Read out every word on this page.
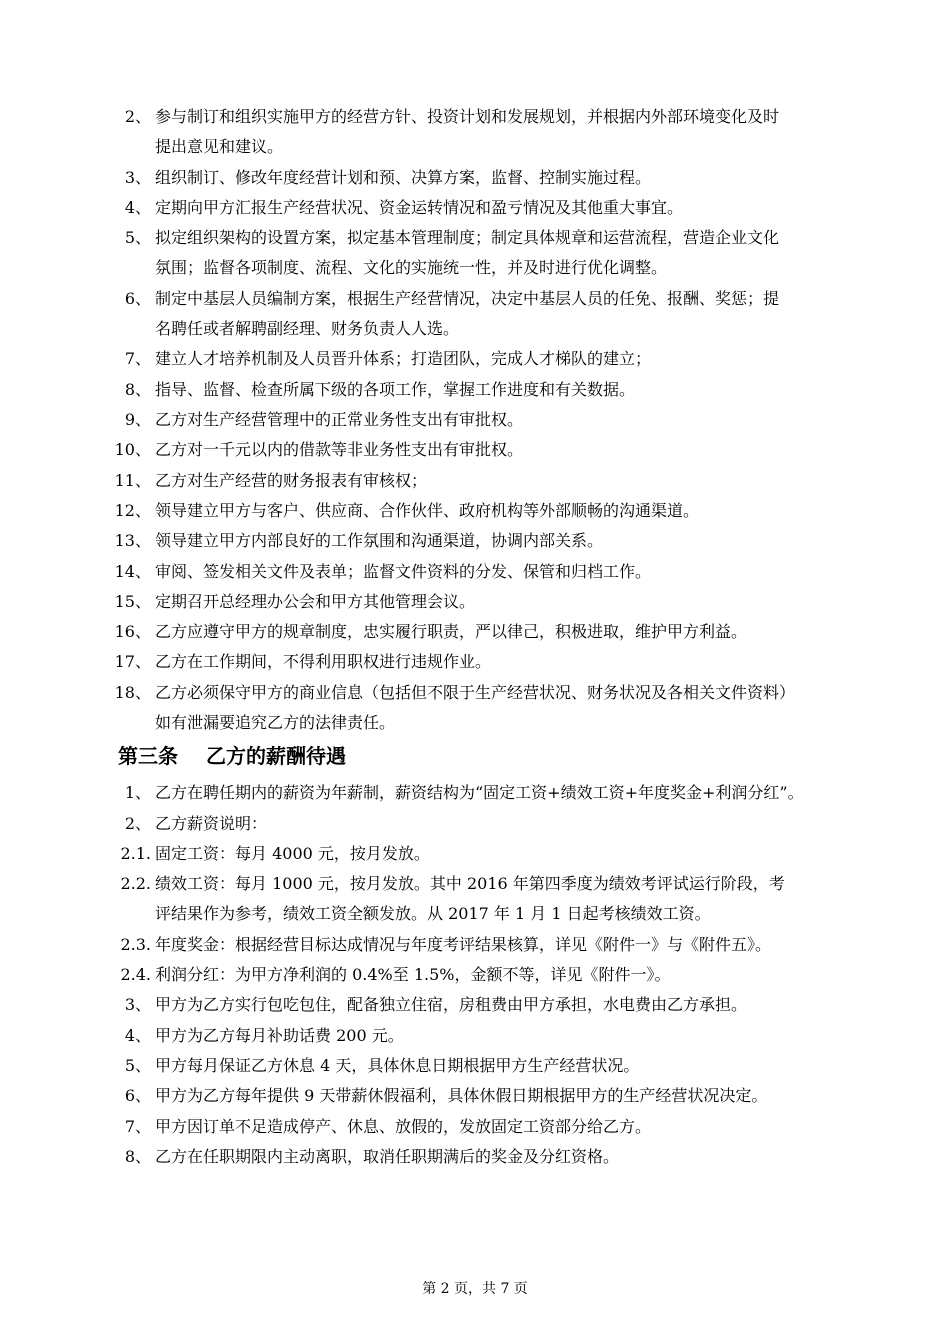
2、 参与制订和组织实施甲方的经营方针、投资计划和发展规划，并根据内外部环境变化及时
提出意见和建议。
3、 组织制订、修改年度经营计划和预、决算方案，监督、控制实施过程。
4、 定期向甲方汇报生产经营状况、资金运转情况和盈亏情况及其他重大事宜。
5、 拟定组织架构的设置方案，拟定基本管理制度；制定具体规章和运营流程，营造企业文化
氛围；监督各项制度、流程、文化的实施统一性，并及时进行优化调整。
6、 制定中基层人员编制方案，根据生产经营情况，决定中基层人员的任免、报酬、奖惩；提
名聘任或者解聘副经理、财务负责人人选。
7、 建立人才培养机制及人员晋升体系；打造团队，完成人才梯队的建立；
8、 指导、监督、检查所属下级的各项工作，掌握工作进度和有关数据。
9、 乙方对生产经营管理中的正常业务性支出有审批权。
10、 乙方对一千元以内的借款等非业务性支出有审批权。
11、 乙方对生产经营的财务报表有审核权；
12、 领导建立甲方与客户、供应商、合作伙伴、政府机构等外部顺畅的沟通渠道。
13、 领导建立甲方内部良好的工作氛围和沟通渠道，协调内部关系。
14、 审阅、签发相关文件及表单；监督文件资料的分发、保管和归档工作。
15、 定期召开总经理办公会和甲方其他管理会议。
16、 乙方应遵守甲方的规章制度，忠实履行职责，严以律己，积极进取，维护甲方利益。
17、 乙方在工作期间，不得利用职权进行违规作业。
18、 乙方必须保守甲方的商业信息（包括但不限于生产经营状况、财务状况及各相关文件资料）
如有泄漏要追究乙方的法律责任。
第三条 乙方的薪酬待遇
1、 乙方在聘任期内的薪资为年薪制，薪资结构为“固定工资+绩效工资+年度奖金+利润分红”。
2、 乙方薪资说明：
2.1. 固定工资：每月 4000 元，按月发放。
2.2. 绩效工资：每月 1000 元，按月发放。其中 2016 年第四季度为绩效考评试运行阶段，考
评结果作为参考，绩效工资全额发放。从 2017 年 1 月 1 日起考核绩效工资。
2.3. 年度奖金：根据经营目标达成情况与年度考评结果核算，详见《附件一》与《附件五》。
2.4. 利润分红：为甲方净利润的 0.4%至 1.5%，金额不等，详见《附件一》。
3、 甲方为乙方实行包吃包住，配备独立住宿，房租费由甲方承担，水电费由乙方承担。
4、 甲方为乙方每月补助话费 200 元。
5、 甲方每月保证乙方休息 4 天，具体休息日期根据甲方生产经营状况。
6、 甲方为乙方每年提供 9 天带薪休假福利，具体休假日期根据甲方的生产经营状况决定。
7、 甲方因订单不足造成停产、休息、放假的，发放固定工资部分给乙方。
8、 乙方在任职期限内主动离职，取消任职期满后的奖金及分红资格。
第 2 页，共 7 页
